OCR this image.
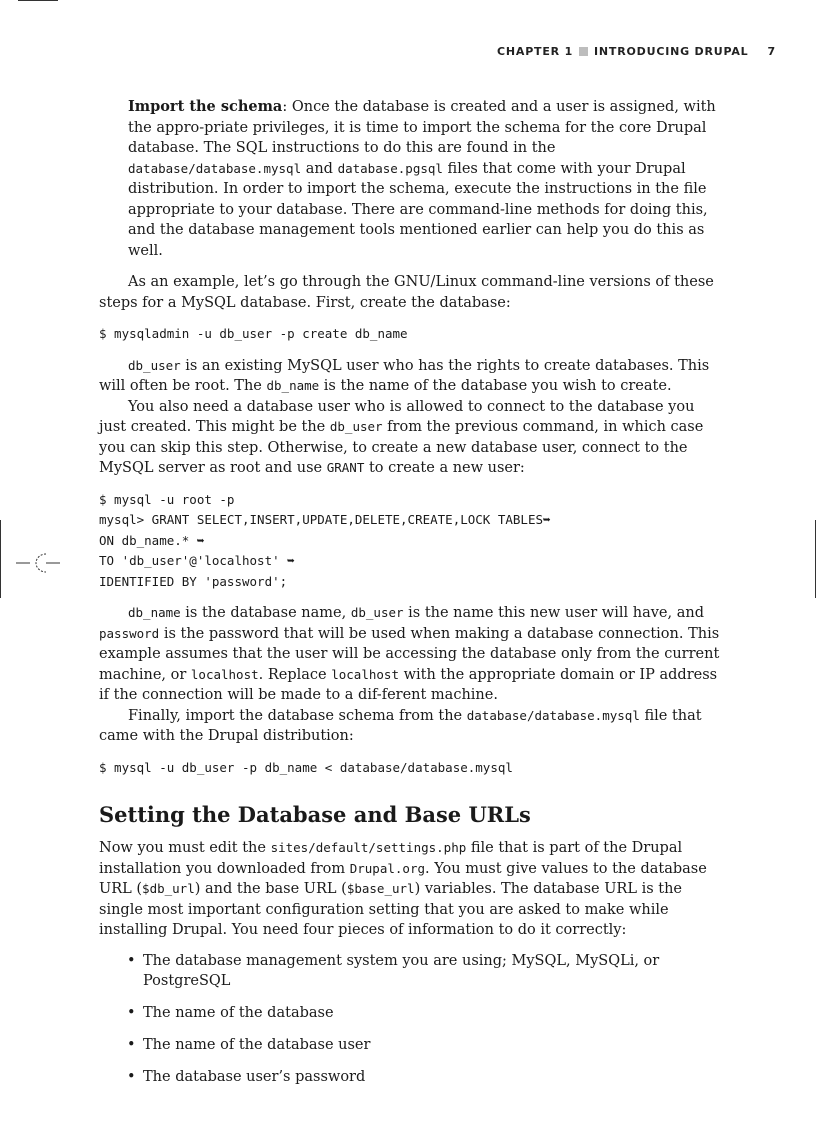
CHAPTER 1 INTRODUCING DRUPAL 7

Import the schema: Once the database is created and a user is assigned, with the appro-priate privileges, it is time to import the schema for the core Drupal database. The SQL instructions to do this are found in the database/database.mysql and database.pgsql files that come with your Drupal distribution. In order to import the schema, execute the instructions in the file appropriate to your database. There are command-line methods for doing this, and the database management tools mentioned earlier can help you do this as well.

As an example, let’s go through the GNU/Linux command-line versions of these steps for a MySQL database. First, create the database:

$ mysqladmin -u db_user -p create db_name

db_user is an existing MySQL user who has the rights to create databases. This will often be root. The db_name is the name of the database you wish to create.

You also need a database user who is allowed to connect to the database you just created. This might be the db_user from the previous command, in which case you can skip this step. Otherwise, to create a new database user, connect to the MySQL server as root and use GRANT to create a new user:

$ mysql -u root -p
mysql> GRANT SELECT,INSERT,UPDATE,DELETE,CREATE,LOCK TABLES➥
ON db_name.* ➥
TO 'db_user'@'localhost' ➥
IDENTIFIED BY 'password';

db_name is the database name, db_user is the name this new user will have, and password is the password that will be used when making a database connection. This example assumes that the user will be accessing the database only from the current machine, or localhost. Replace localhost with the appropriate domain or IP address if the connection will be made to a dif-ferent machine.

Finally, import the database schema from the database/database.mysql file that came with the Drupal distribution:

$ mysql -u db_user -p db_name < database/database.mysql
Setting the Database and Base URLs

Now you must edit the sites/default/settings.php file that is part of the Drupal installation you downloaded from Drupal.org. You must give values to the database URL ($db_url) and the base URL ($base_url) variables. The database URL is the single most important configuration setting that you are asked to make while installing Drupal. You need four pieces of information to do it correctly:

• The database management system you are using; MySQL, MySQLi, or PostgreSQL
• The name of the database
• The name of the database user
• The database user’s password
